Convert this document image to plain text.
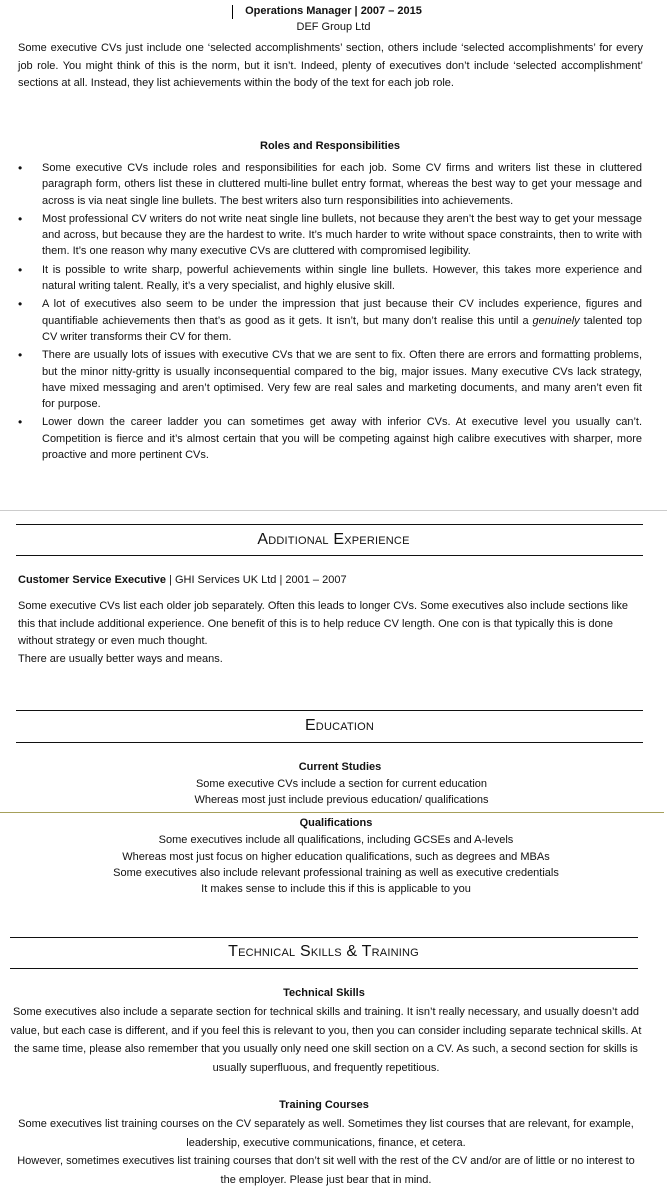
Operations Manager | 2007 – 2015
DEF Group Ltd
Some executive CVs just include one ‘selected accomplishments’ section, others include ‘selected accomplishments’ for every job role. You might think of this is the norm, but it isn’t. Indeed, plenty of executives don’t include ‘selected accomplishment’ sections at all. Instead, they list achievements within the body of the text for each job role.
Roles and Responsibilities
• Some executive CVs include roles and responsibilities for each job. Some CV firms and writers list these in cluttered paragraph form, others list these in cluttered multi-line bullet entry format, whereas the best way to get your message and across is via neat single line bullets. The best writers also turn responsibilities into achievements.
• Most professional CV writers do not write neat single line bullets, not because they aren’t the best way to get your message and across, but because they are the hardest to write. It’s much harder to write without space constraints, then to write with them. It’s one reason why many executive CVs are cluttered with compromised legibility.
• It is possible to write sharp, powerful achievements within single line bullets. However, this takes more experience and natural writing talent. Really, it’s a very specialist, and highly elusive skill.
• A lot of executives also seem to be under the impression that just because their CV includes experience, figures and quantifiable achievements then that’s as good as it gets. It isn’t, but many don’t realise this until a genuinely talented top CV writer transforms their CV for them.
• There are usually lots of issues with executive CVs that we are sent to fix. Often there are errors and formatting problems, but the minor nitty-gritty is usually inconsequential compared to the big, major issues. Many executive CVs lack strategy, have mixed messaging and aren’t optimised. Very few are real sales and marketing documents, and many aren’t even fit for purpose.
• Lower down the career ladder you can sometimes get away with inferior CVs. At executive level you usually can’t. Competition is fierce and it’s almost certain that you will be competing against high calibre executives with sharper, more proactive and more pertinent CVs.
Additional Experience
Customer Service Executive | GHI Services UK Ltd | 2001 – 2007
Some executive CVs list each older job separately. Often this leads to longer CVs. Some executives also include sections like this that include additional experience. One benefit of this is to help reduce CV length. One con is that typically this is done without strategy or even much thought.
There are usually better ways and means.
Education
Current Studies
Some executive CVs include a section for current education
Whereas most just include previous education/ qualifications
Qualifications
Some executives include all qualifications, including GCSEs and A-levels
Whereas most just focus on higher education qualifications, such as degrees and MBAs
Some executives also include relevant professional training as well as executive credentials
It makes sense to include this if this is applicable to you
Technical Skills & Training
Technical Skills
Some executives also include a separate section for technical skills and training. It isn’t really necessary, and usually doesn’t add value, but each case is different, and if you feel this is relevant to you, then you can consider including separate technical skills. At the same time, please also remember that you usually only need one skill section on a CV. As such, a second section for skills is usually superfluous, and frequently repetitious.
Training Courses
Some executives list training courses on the CV separately as well. Sometimes they list courses that are relevant, for example, leadership, executive communications, finance, et cetera.
However, sometimes executives list training courses that don’t sit well with the rest of the CV and/or are of little or no interest to the employer. Please just bear that in mind.
